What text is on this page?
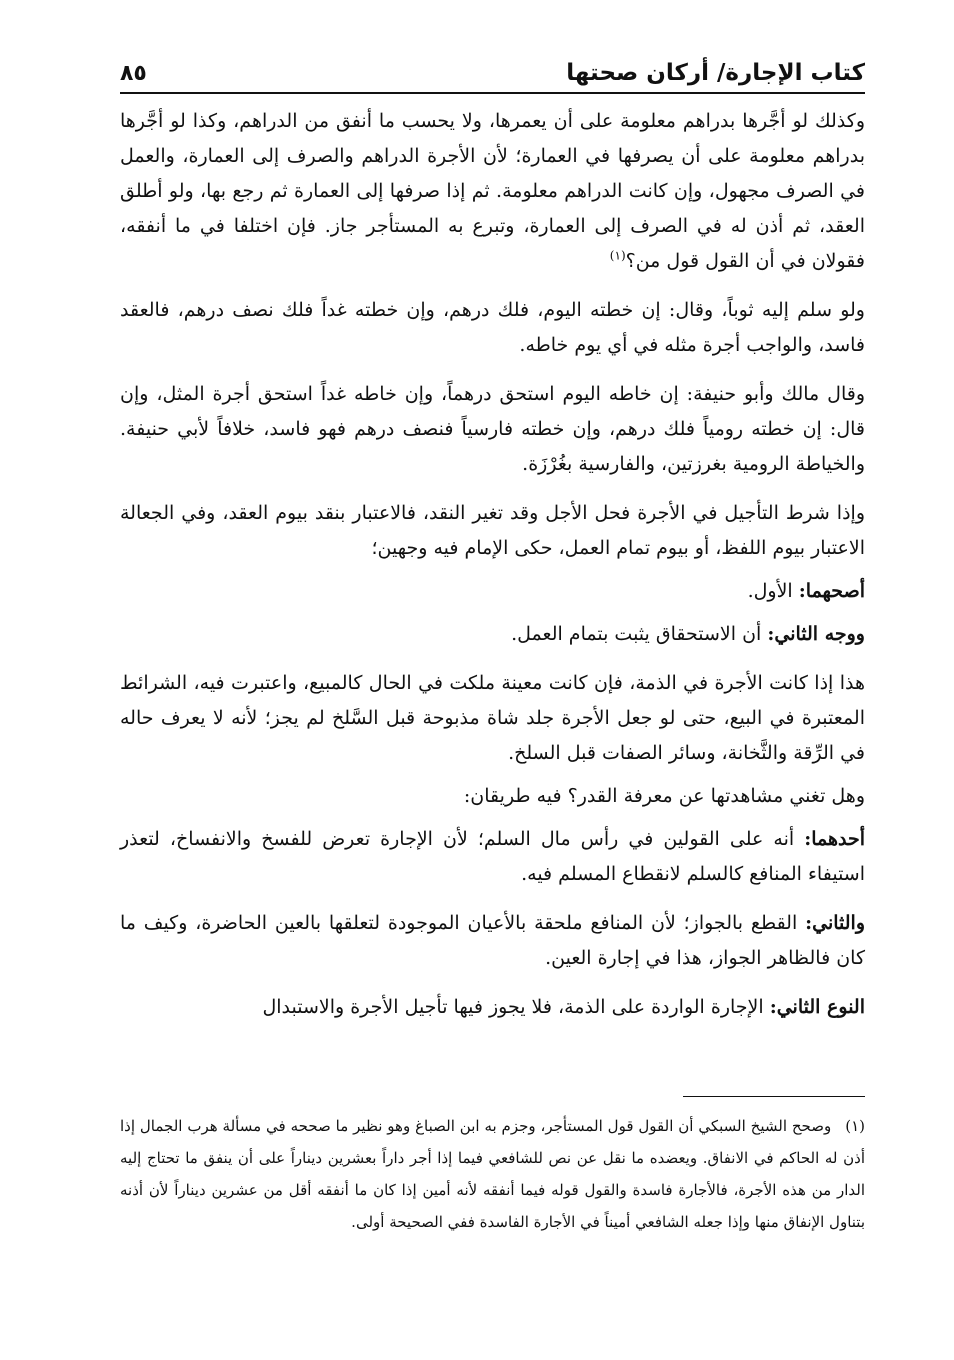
٨٥	كتاب الإجارة/ أركان صحتها

وكذلك لو أجَّرها بدراهم معلومة على أن يعمرها، ولا يحسب ما أنفق من الدراهم، وكذا لو أجَّرها بدراهم معلومة على أن يصرفها في العمارة؛ لأن الأجرة الدراهم والصرف إلى العمارة، والعمل في الصرف مجهول، وإن كانت الدراهم معلومة. ثم إذا صرفها إلى العمارة ثم رجع بها، ولو أطلق العقد، ثم أذن له في الصرف إلى العمارة، وتبرع به المستأجر جاز. فإن اختلفا في ما أنفقه، فقولان في أن القول قول من؟$^{(١)}$

ولو سلم إليه ثوباً، وقال: إن خطته اليوم، فلك درهم، وإن خطته غداً فلك نصف درهم، فالعقد فاسد، والواجب أجرة مثله في أي يوم خاطه.

وقال مالك وأبو حنيفة: إن خاطه اليوم استحق درهماً، وإن خاطه غداً استحق أجرة المثل، وإن قال: إن خطته رومياً فلك درهم، وإن خطته فارسياً فنصف درهم فهو فاسد، خلافاً لأبي حنيفة. والخياطة الرومية بغرزتين، والفارسية بغُرْزَة.

وإذا شرط التأجيل في الأجرة فحل الأجل وقد تغير النقد، فالاعتبار بنقد بيوم العقد، وفي الجعالة الاعتبار بيوم اللفظ، أو بيوم تمام العمل، حكى الإمام فيه وجهين؛

أصحهما: الأول.

ووجه الثاني: أن الاستحقاق يثبت بتمام العمل.

هذا إذا كانت الأجرة في الذمة، فإن كانت معينة ملكت في الحال كالمبيع، واعتبرت فيه، الشرائط المعتبرة في البيع، حتى لو جعل الأجرة جلد شاة مذبوحة قبل السَّلخ لم يجز؛ لأنه لا يعرف حاله في الرِّقة والثَّخانة، وسائر الصفات قبل السلخ.

وهل تغني مشاهدتها عن معرفة القدر؟ فيه طريقان:

أحدهما: أنه على القولين في رأس مال السلم؛ لأن الإجارة تعرض للفسخ والانفساخ، لتعذر استيفاء المنافع كالسلم لانقطاع المسلم فيه.

والثاني: القطع بالجواز؛ لأن المنافع ملحقة بالأعيان الموجودة لتعلقها بالعين الحاضرة، وكيف ما كان فالظاهر الجواز، هذا في إجارة العين.

النوع الثاني: الإجارة الواردة على الذمة، فلا يجوز فيها تأجيل الأجرة والاستبدال

(١)وصحح الشيخ السبكي أن القول قول المستأجر، وجزم به ابن الصباغ وهو نظير ما صححه في مسألة هرب الجمال إذا أذن له الحاكم في الانفاق. ويعضده ما نقل عن نص للشافعي فيما إذا أجر داراً بعشرين ديناراً على أن ينفق ما تحتاج إليه الدار من هذه الأجرة، فالأجارة فاسدة والقول قوله فيما أنفقه لأنه أمين إذا كان ما أنفقه أقل من عشرين ديناراً لأن أذنه بتناول الإنفاق منها وإذا جعله الشافعي أميناً في الأجارة الفاسدة ففي الصحيحة أولى.
